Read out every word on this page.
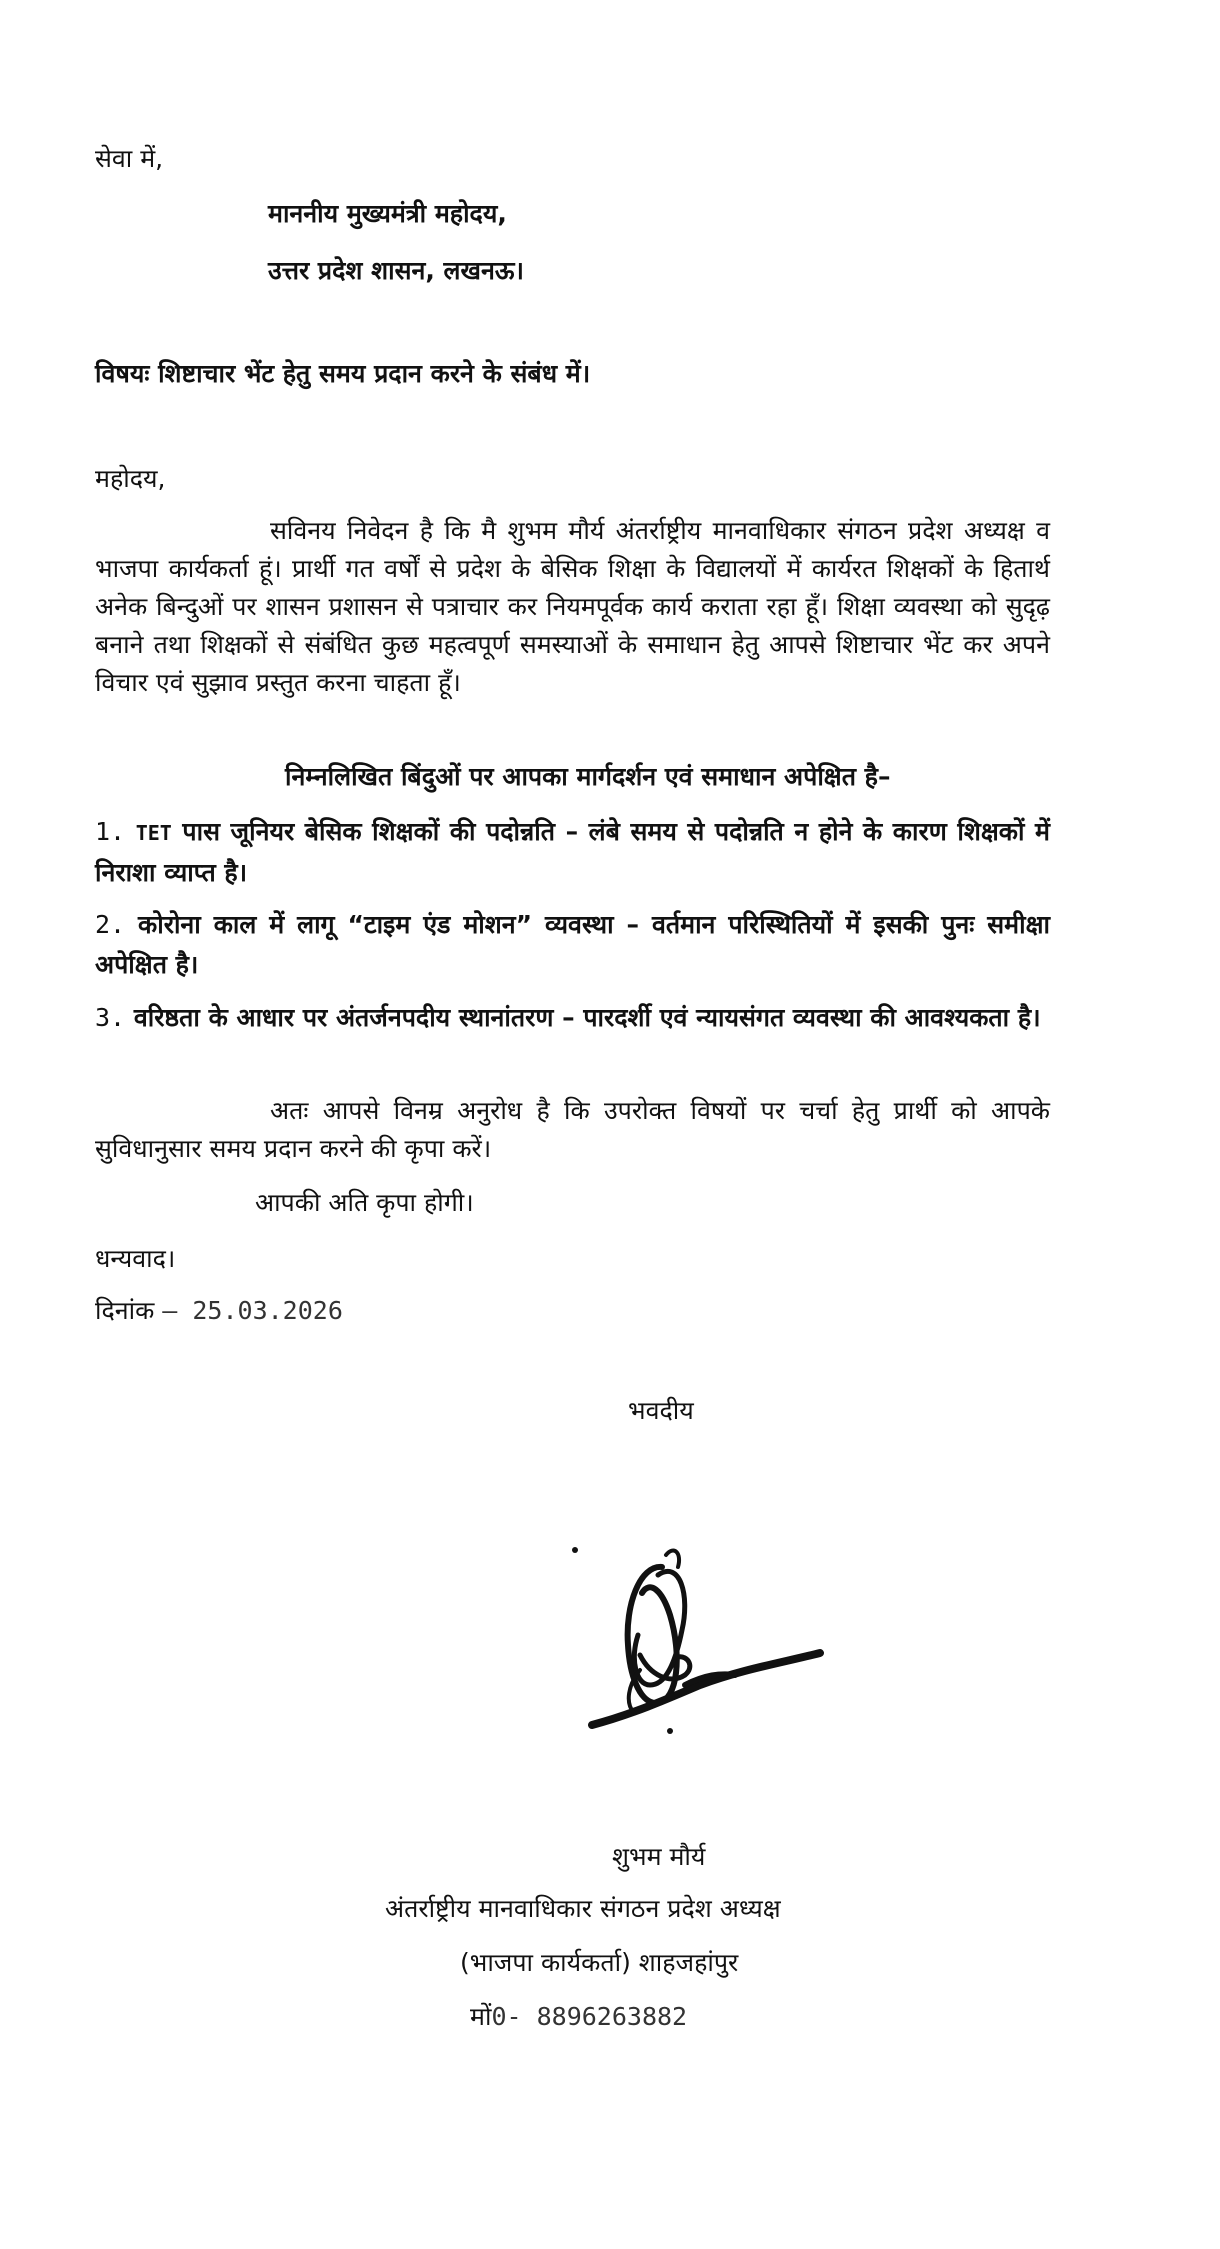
सेवा में,
माननीय मुख्यमंत्री महोदय,
उत्तर प्रदेश शासन, लखनऊ।
विषयः शिष्टाचार भेंट हेतु समय प्रदान करने के संबंध में।
महोदय,
सविनय निवेदन है कि मै शुभम मौर्य अंतर्राष्ट्रीय मानवाधिकार संगठन प्रदेश अध्यक्ष व भाजपा कार्यकर्ता हूं। प्रार्थी गत वर्षों से प्रदेश के बेसिक शिक्षा के विद्यालयों में कार्यरत शिक्षकों के हितार्थ अनेक बिन्दुओं पर शासन प्रशासन से पत्राचार कर नियमपूर्वक कार्य कराता रहा हूँ। शिक्षा व्यवस्था को सुदृढ़ बनाने तथा शिक्षकों से संबंधित कुछ महत्वपूर्ण समस्याओं के समाधान हेतु आपसे शिष्टाचार भेंट कर अपने विचार एवं सुझाव प्रस्तुत करना चाहता हूँ।
निम्नलिखित बिंदुओं पर आपका मार्गदर्शन एवं समाधान अपेक्षित है–
1. TET पास जूनियर बेसिक शिक्षकों की पदोन्नति – लंबे समय से पदोन्नति न होने के कारण शिक्षकों में निराशा व्याप्त है।
2. कोरोना काल में लागू “टाइम एंड मोशन” व्यवस्था – वर्तमान परिस्थितियों में इसकी पुनः समीक्षा अपेक्षित है।
3. वरिष्ठता के आधार पर अंतर्जनपदीय स्थानांतरण – पारदर्शी एवं न्यायसंगत व्यवस्था की आवश्यकता है।
अतः आपसे विनम्र अनुरोध है कि उपरोक्त विषयों पर चर्चा हेतु प्रार्थी को आपके सुविधानुसार समय प्रदान करने की कृपा करें।
आपकी अति कृपा होगी।
धन्यवाद।
दिनांक – 25.03.2026
भवदीय
शुभम मौर्य
अंतर्राष्ट्रीय मानवाधिकार संगठन प्रदेश अध्यक्ष
(भाजपा कार्यकर्ता) शाहजहांपुर
मों0- 8896263882
